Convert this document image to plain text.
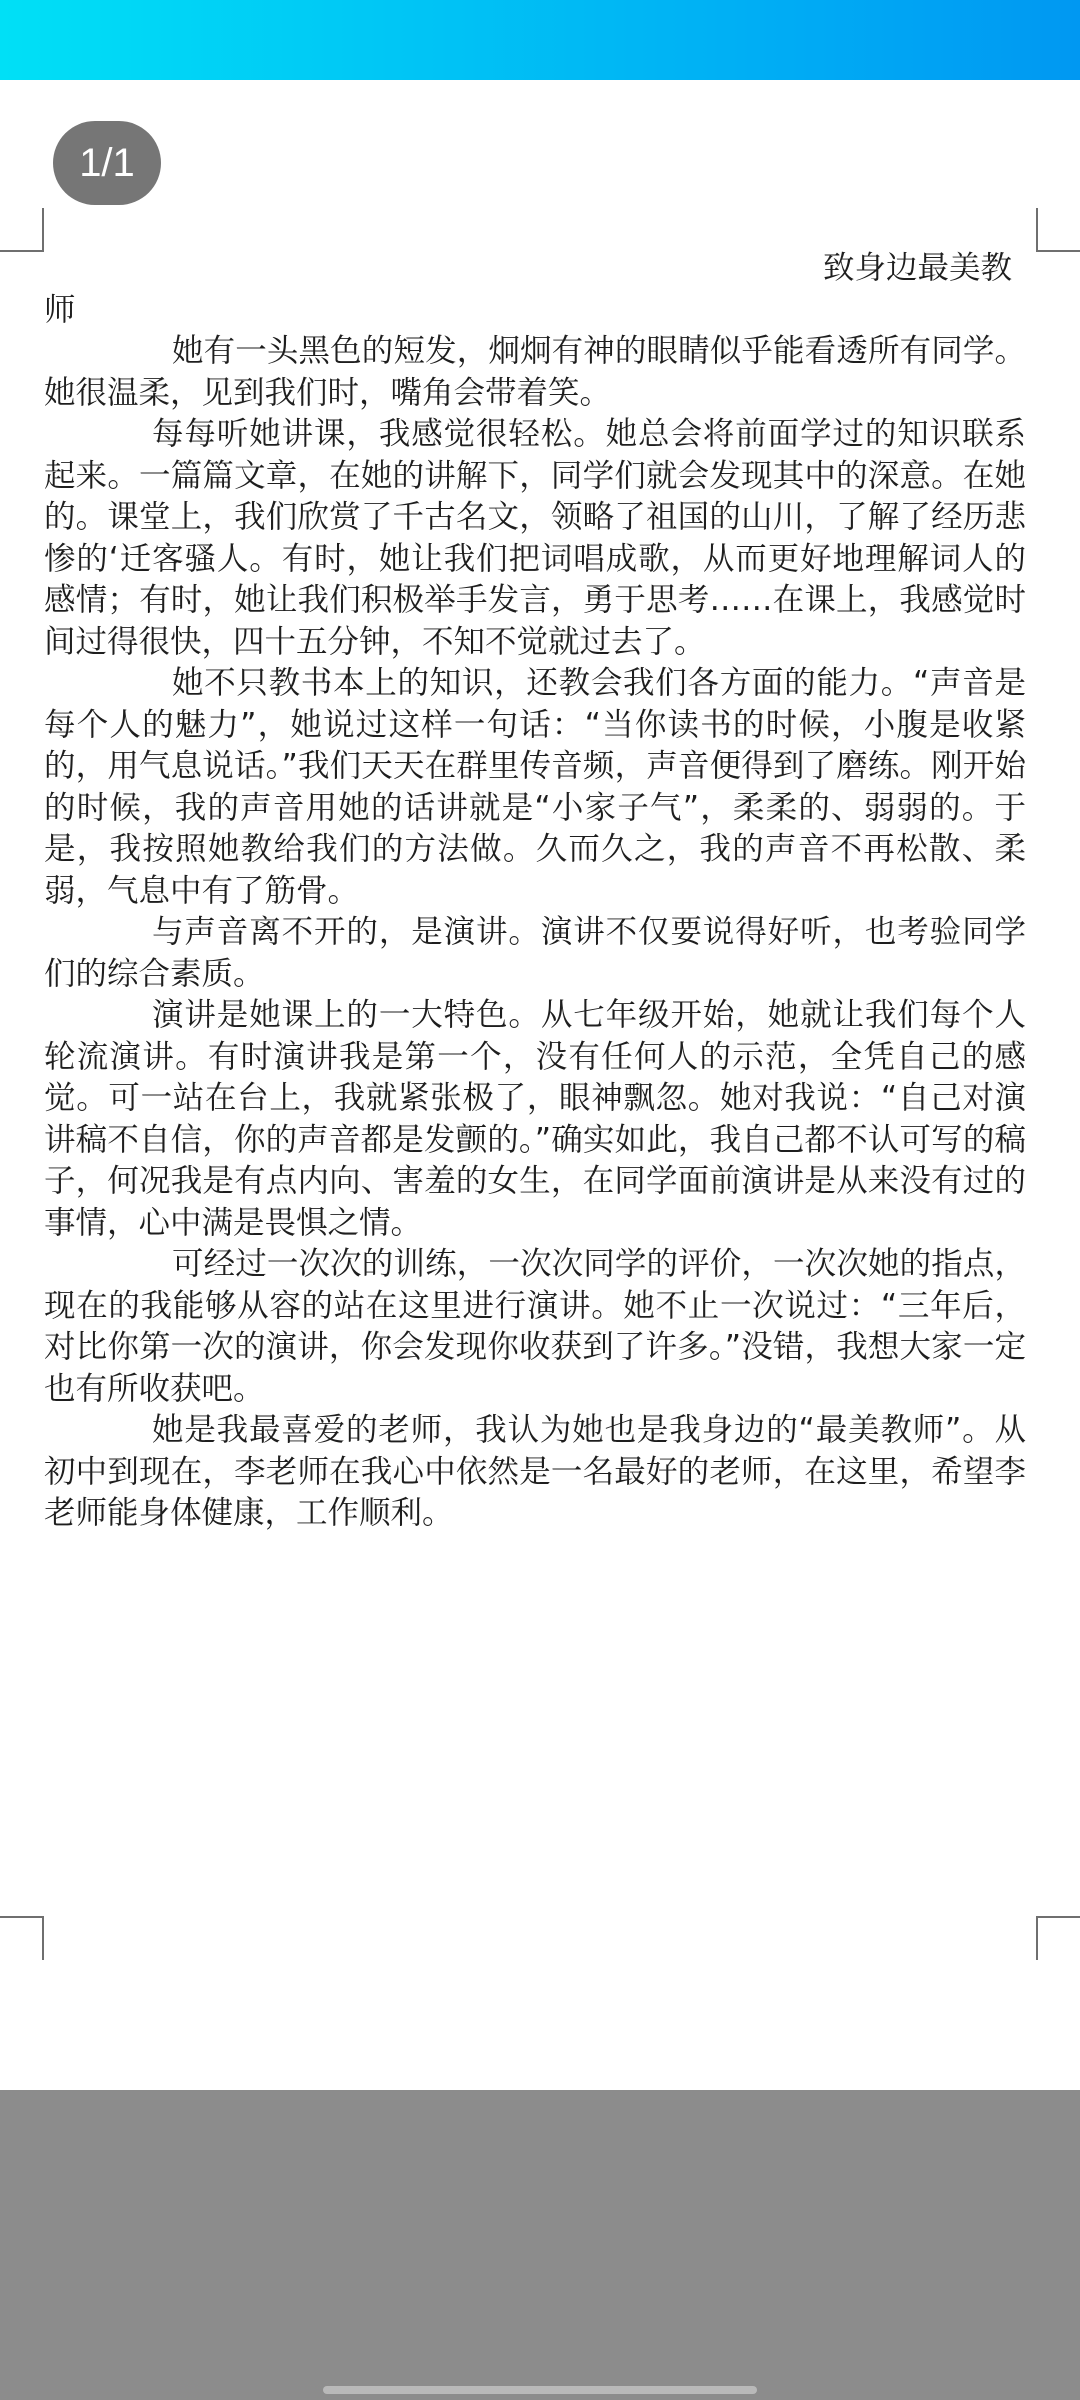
1/1

致身边最美教

师

她有一头黑色的短发，炯炯有神的眼睛似乎能看透所有同学。她很温柔，见到我们时，嘴角会带着笑。

每每听她讲课，我感觉很轻松。她总会将前面学过的知识联系起来。一篇篇文章，在她的讲解下，同学们就会发现其中的深意。在她的。课堂上，我们欣赏了千古名文，领略了祖国的山川，了解了经历悲惨的‘迁客骚人。有时，她让我们把词唱成歌，从而更好地理解词人的感情；有时，她让我们积极举手发言，勇于思考……在课上，我感觉时间过得很快，四十五分钟，不知不觉就过去了。

她不只教书本上的知识，还教会我们各方面的能力。“声音是每个人的魅力”，她说过这样一句话：“当你读书的时候，小腹是收紧的，用气息说话。”我们天天在群里传音频，声音便得到了磨练。刚开始的时候，我的声音用她的话讲就是“小家子气”，柔柔的、弱弱的。于是，我按照她教给我们的方法做。久而久之，我的声音不再松散、柔弱，气息中有了筋骨。

与声音离不开的，是演讲。演讲不仅要说得好听，也考验同学们的综合素质。

演讲是她课上的一大特色。从七年级开始，她就让我们每个人轮流演讲。有时演讲我是第一个，没有任何人的示范，全凭自己的感觉。可一站在台上，我就紧张极了，眼神飘忽。她对我说：“自己对演讲稿不自信，你的声音都是发颤的。”确实如此，我自己都不认可写的稿子，何况我是有点内向、害羞的女生，在同学面前演讲是从来没有过的事情，心中满是畏惧之情。

可经过一次次的训练，一次次同学的评价，一次次她的指点，现在的我能够从容的站在这里进行演讲。她不止一次说过：“三年后，对比你第一次的演讲，你会发现你收获到了许多。”没错，我想大家一定也有所收获吧。

她是我最喜爱的老师，我认为她也是我身边的“最美教师”。从初中到现在，李老师在我心中依然是一名最好的老师，在这里，希望李老师能身体健康，工作顺利。
